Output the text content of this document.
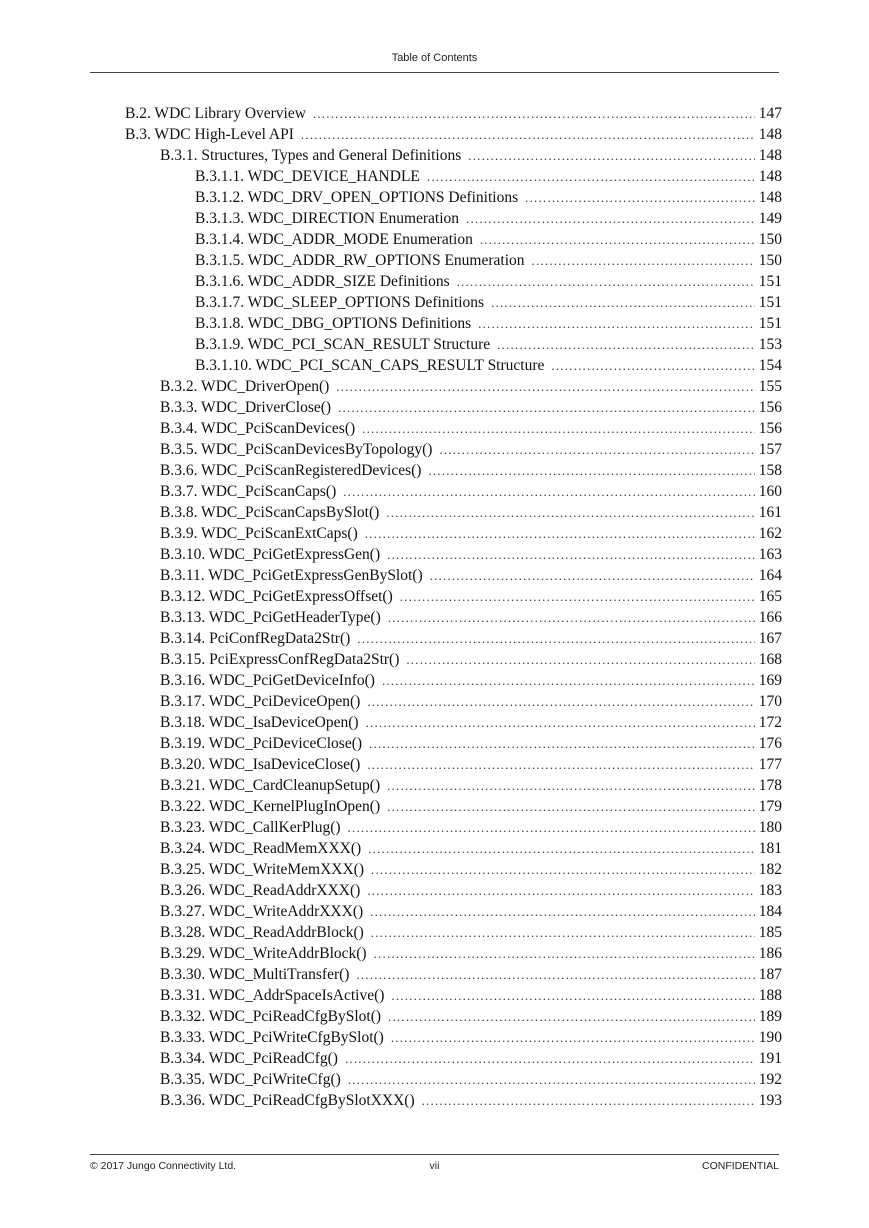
Table of Contents
B.2. WDC Library Overview .....	147
B.3. WDC High-Level API .....	148
B.3.1. Structures, Types and General Definitions .....	148
B.3.1.1. WDC_DEVICE_HANDLE .....	148
B.3.1.2. WDC_DRV_OPEN_OPTIONS Definitions .....	148
B.3.1.3. WDC_DIRECTION Enumeration .....	149
B.3.1.4. WDC_ADDR_MODE Enumeration .....	150
B.3.1.5. WDC_ADDR_RW_OPTIONS Enumeration .....	150
B.3.1.6. WDC_ADDR_SIZE Definitions .....	151
B.3.1.7. WDC_SLEEP_OPTIONS Definitions .....	151
B.3.1.8. WDC_DBG_OPTIONS Definitions .....	151
B.3.1.9. WDC_PCI_SCAN_RESULT Structure .....	153
B.3.1.10. WDC_PCI_SCAN_CAPS_RESULT Structure .....	154
B.3.2. WDC_DriverOpen() .....	155
B.3.3. WDC_DriverClose() .....	156
B.3.4. WDC_PciScanDevices() .....	156
B.3.5. WDC_PciScanDevicesByTopology() .....	157
B.3.6. WDC_PciScanRegisteredDevices() .....	158
B.3.7. WDC_PciScanCaps() .....	160
B.3.8. WDC_PciScanCapsBySlot() .....	161
B.3.9. WDC_PciScanExtCaps() .....	162
B.3.10. WDC_PciGetExpressGen() .....	163
B.3.11. WDC_PciGetExpressGenBySlot() .....	164
B.3.12. WDC_PciGetExpressOffset() .....	165
B.3.13. WDC_PciGetHeaderType() .....	166
B.3.14. PciConfRegData2Str() .....	167
B.3.15. PciExpressConfRegData2Str() .....	168
B.3.16. WDC_PciGetDeviceInfo() .....	169
B.3.17. WDC_PciDeviceOpen() .....	170
B.3.18. WDC_IsaDeviceOpen() .....	172
B.3.19. WDC_PciDeviceClose() .....	176
B.3.20. WDC_IsaDeviceClose() .....	177
B.3.21. WDC_CardCleanupSetup() .....	178
B.3.22. WDC_KernelPlugInOpen() .....	179
B.3.23. WDC_CallKerPlug() .....	180
B.3.24. WDC_ReadMemXXX() .....	181
B.3.25. WDC_WriteMemXXX() .....	182
B.3.26. WDC_ReadAddrXXX() .....	183
B.3.27. WDC_WriteAddrXXX() .....	184
B.3.28. WDC_ReadAddrBlock() .....	185
B.3.29. WDC_WriteAddrBlock() .....	186
B.3.30. WDC_MultiTransfer() .....	187
B.3.31. WDC_AddrSpaceIsActive() .....	188
B.3.32. WDC_PciReadCfgBySlot() .....	189
B.3.33. WDC_PciWriteCfgBySlot() .....	190
B.3.34. WDC_PciReadCfg() .....	191
B.3.35. WDC_PciWriteCfg() .....	192
B.3.36. WDC_PciReadCfgBySlotXXX() .....	193
© 2017 Jungo Connectivity Ltd.	vii	CONFIDENTIAL
